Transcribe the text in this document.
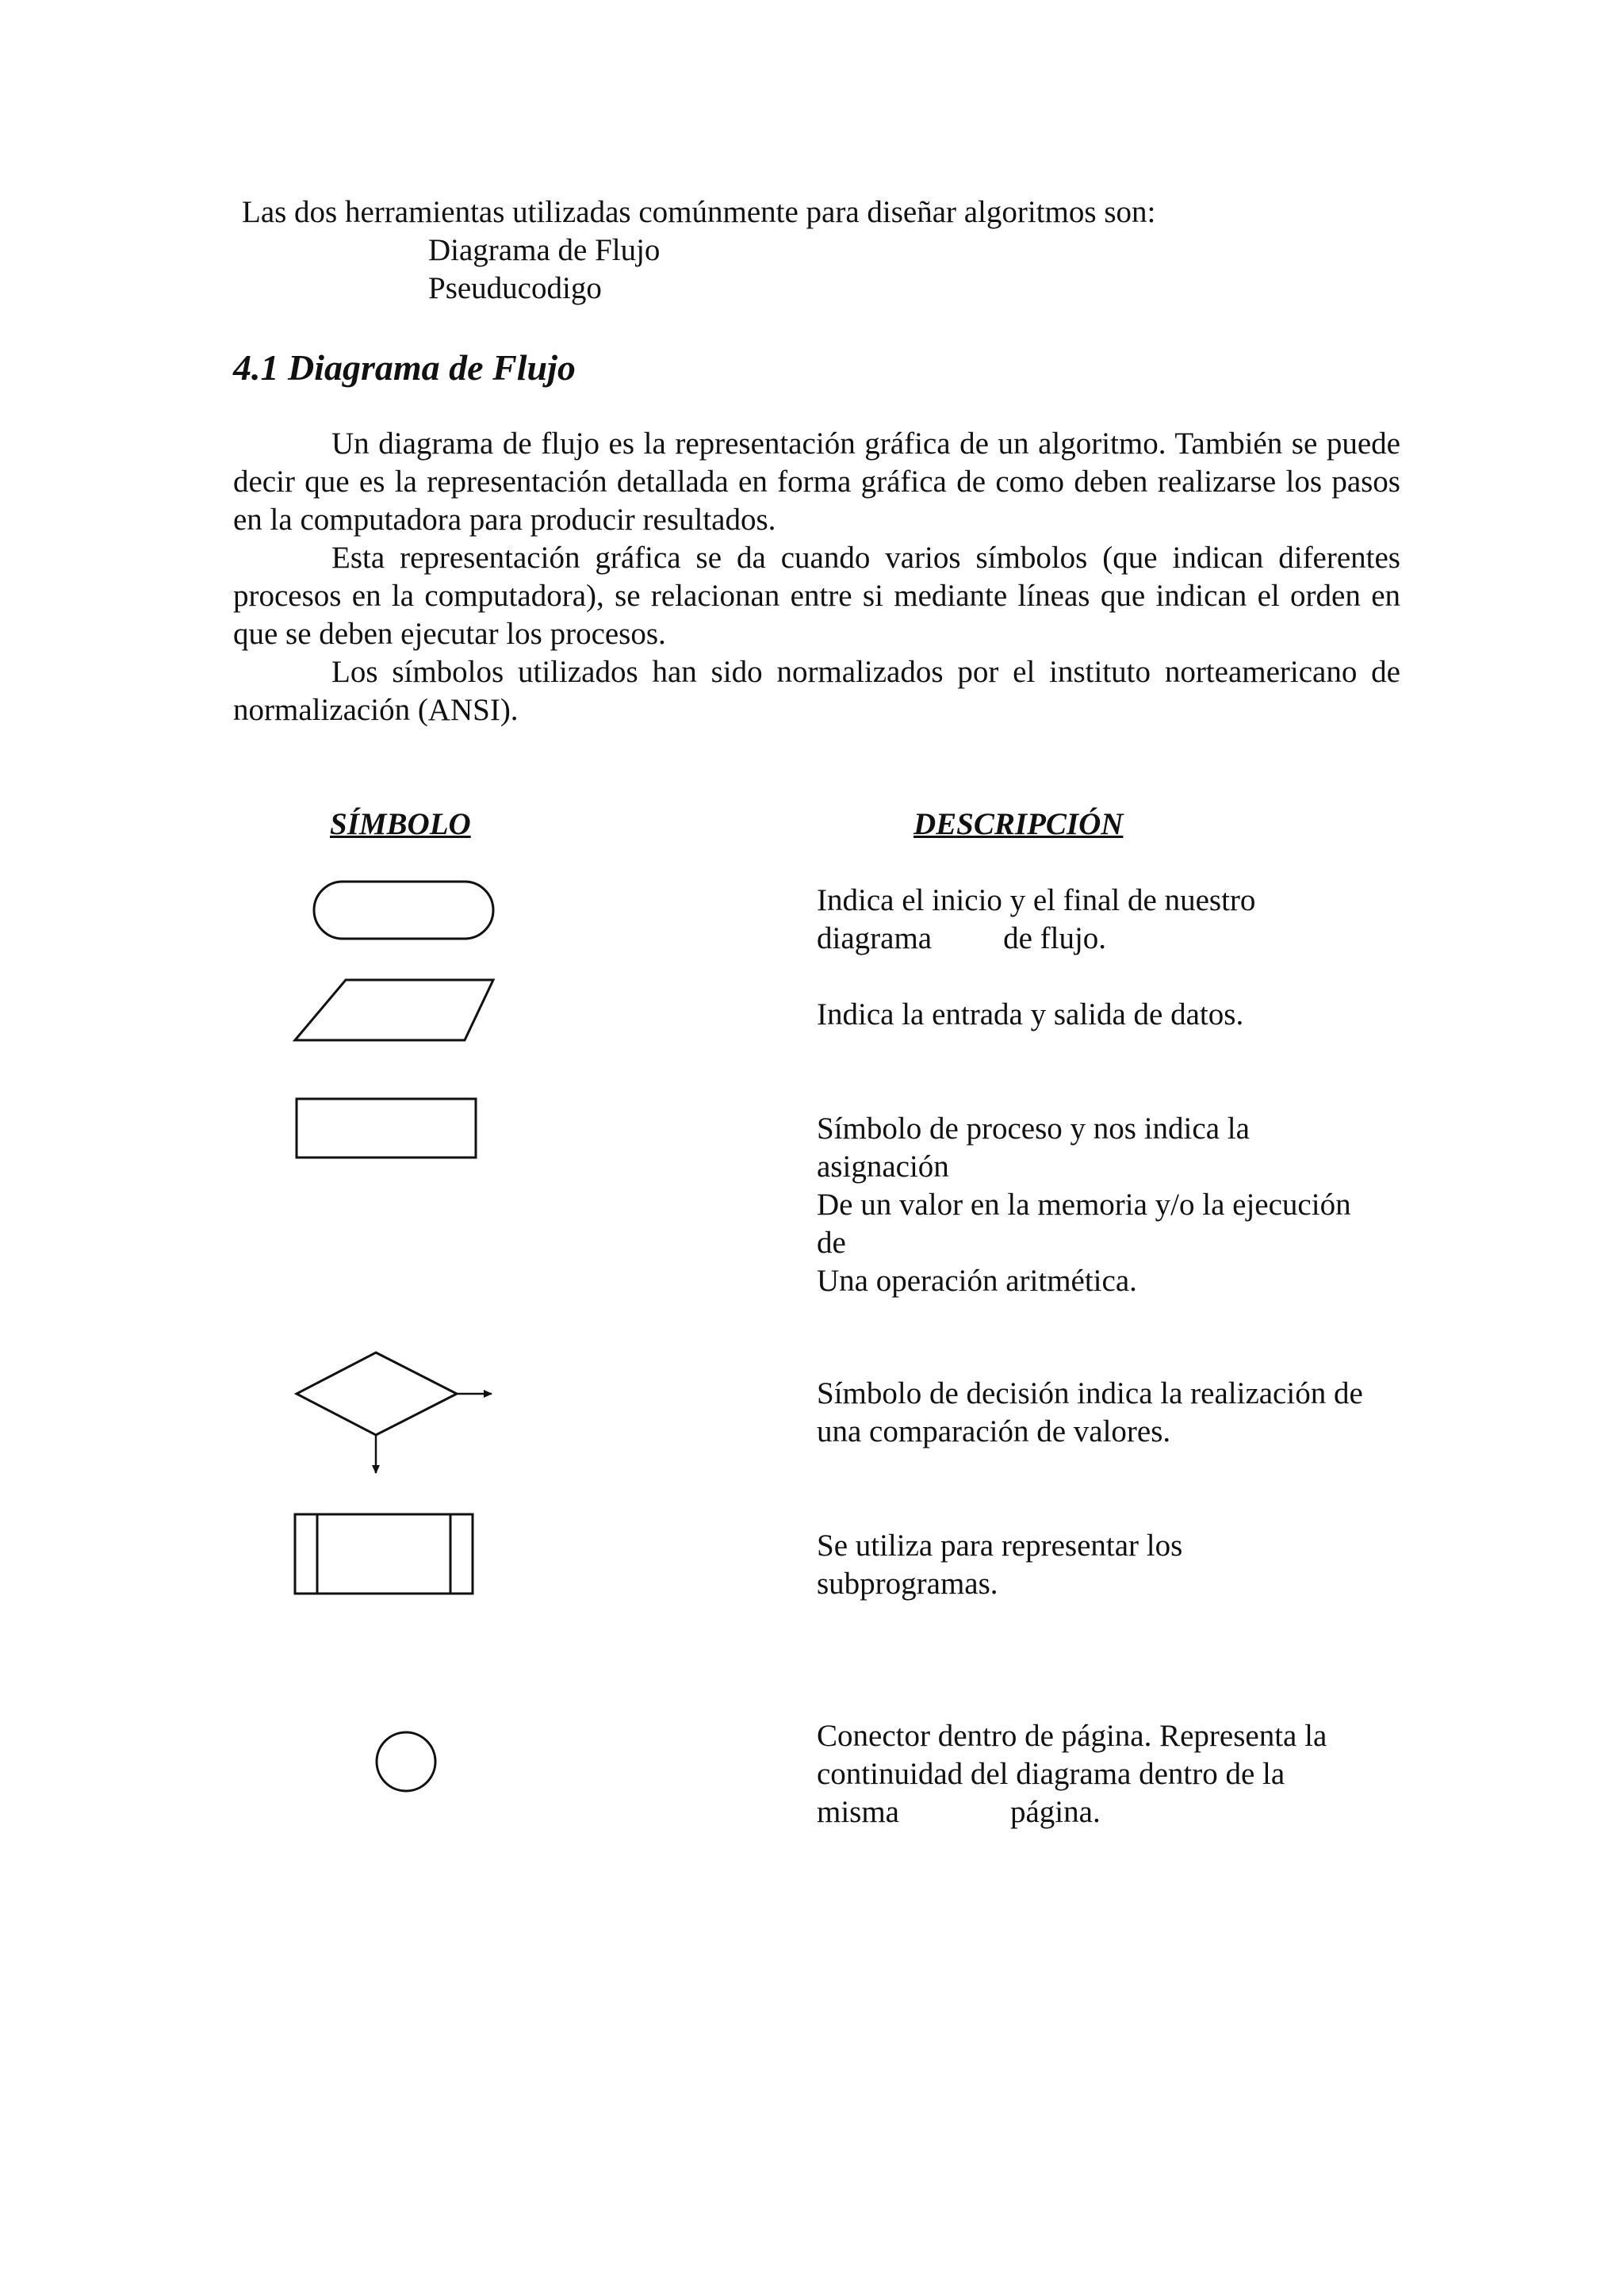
Las dos herramientas utilizadas comúnmente para diseñar algoritmos son:

Diagrama de Flujo

Pseuducodigo

4.1 Diagrama de Flujo

Un diagrama de flujo es la representación gráfica de un algoritmo. También se puede decir que es la representación detallada en forma gráfica de como deben realizarse los pasos en la computadora para producir resultados.

Esta representación gráfica se da cuando varios símbolos (que indican diferentes procesos en la computadora), se relacionan entre si mediante líneas que indican el orden en que se deben ejecutar los procesos.

Los símbolos utilizados han sido normalizados por el instituto norteamericano de normalización (ANSI).

SÍMBOLO	DESCRIPCIÓN

Indica el inicio y el final de nuestro
diagrama de flujo.
Indica la entrada y salida de datos.
Símbolo de proceso y nos indica la
asignación
De un valor en la memoria y/o la ejecución
de
Una operación aritmética.
Símbolo de decisión indica la realización de
una comparación de valores.
Se utiliza para representar los
subprogramas.
Conector dentro de página. Representa la
continuidad del diagrama dentro de la
misma	página.
